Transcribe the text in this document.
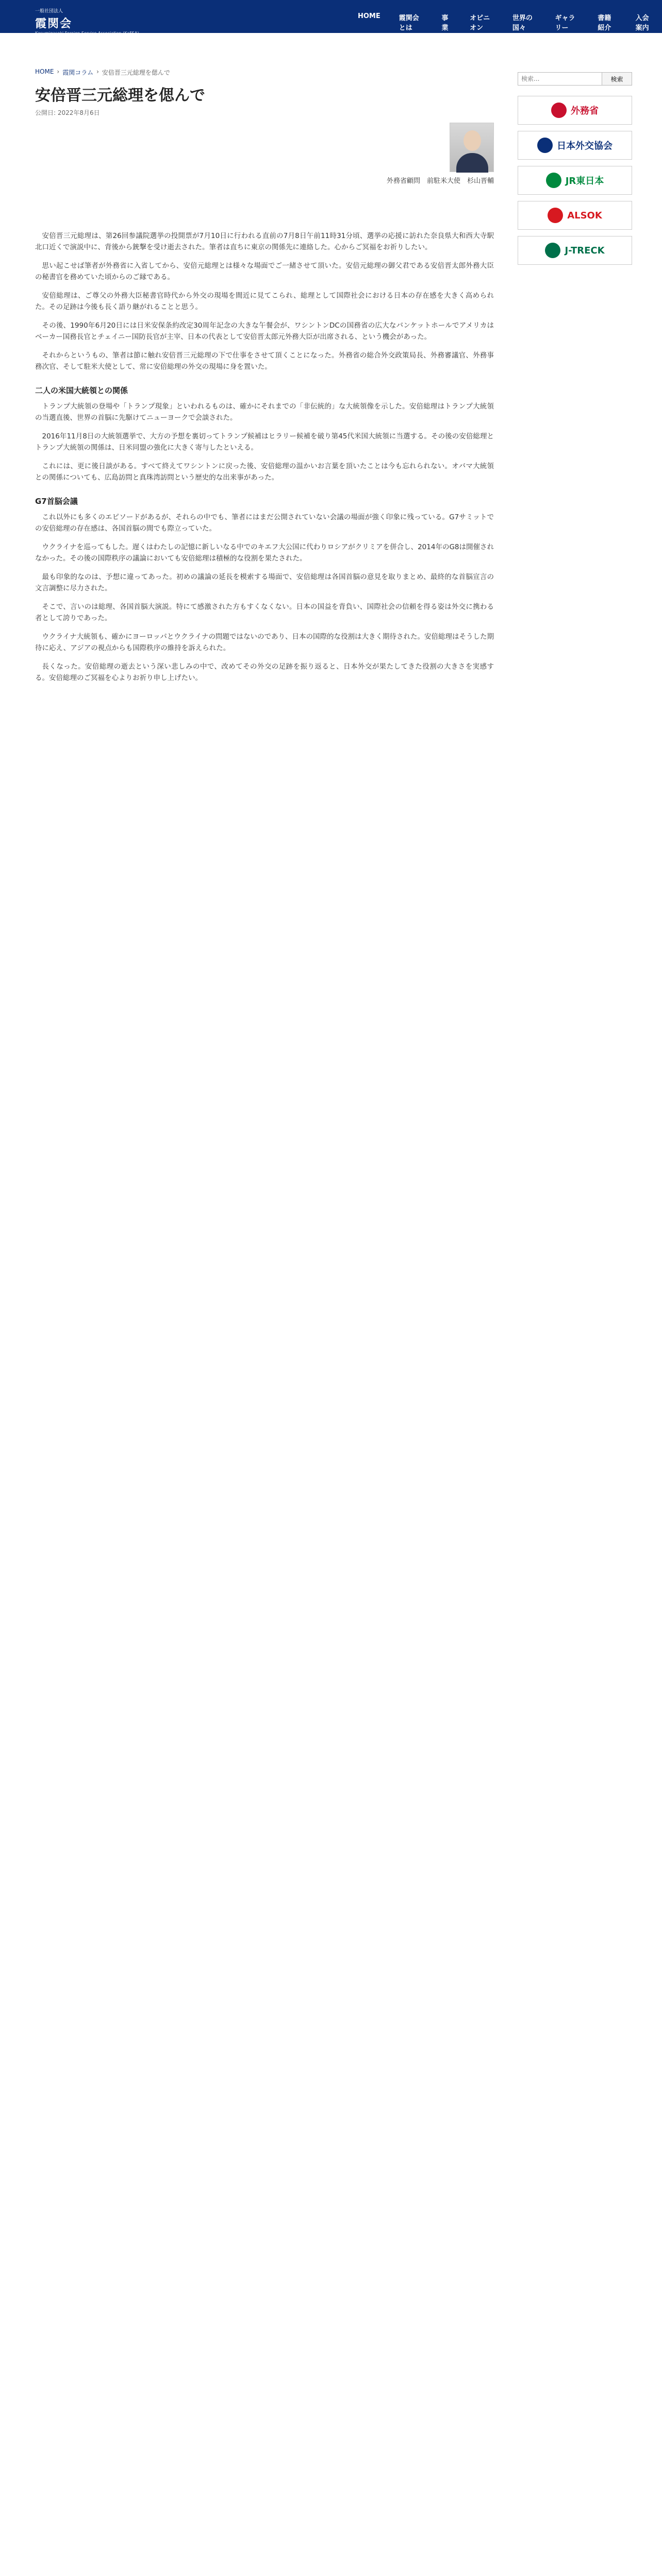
一般社団法人
霞関会
Kasumigaseki Foreign Service Association (KaFSA)
HOME	霞関会とは
事業
オピニオン
世界の国々
ギャラリー
書籍紹介
入会案内
HOME › 霞関コラム › 安倍晋三元総理を偲んで
安倍晋三元総理を偲んで
公開日: 2022年8月6日
外務省顧問　前駐米大使　杉山晋輔

安倍晋三元総理は、第26回参議院選挙の投開票が7月10日に行われる直前の7月8日午前11時31分頃、選挙の応援に訪れた奈良県大和西大寺駅北口近くで演説中に、背後から銃撃を受け逝去された。筆者は直ちに東京の関係先に連絡した。心からご冥福をお祈りしたい。

思い起こせば筆者が外務省に入省してから、安倍元総理とは様々な場面でご一緒させて頂いた。安倍元総理の御父君である安倍晋太郎外務大臣の秘書官を務めていた頃からのご縁である。

安倍総理は、ご尊父の外務大臣秘書官時代から外交の現場を間近に見てこられ、総理として国際社会における日本の存在感を大きく高められた。その足跡は今後も長く語り継がれることと思う。

その後、1990年6月20日には日米安保条約改定30周年記念の大きな午餐会が、ワシントンDCの国務省の広大なバンケットホールでアメリカはベーカー国務長官とチェイニー国防長官が主宰、日本の代表として安倍晋太郎元外務大臣が出席される、という機会があった。

それからというもの、筆者は節に触れ安倍晋三元総理の下で仕事をさせて頂くことになった。外務省の総合外交政策局長、外務審議官、外務事務次官、そして駐米大使として、常に安倍総理の外交の現場に身を置いた。

二人の米国大統領との関係

トランプ大統領の登場や「トランプ現象」といわれるものは、確かにそれまでの「非伝統的」な大統領像を示した。安倍総理はトランプ大統領の当選直後、世界の首脳に先駆けてニューヨークで会談された。

2016年11月8日の大統領選挙で、大方の予想を裏切ってトランプ候補はヒラリー候補を破り第45代米国大統領に当選する。その後の安倍総理とトランプ大統領の関係は、日米同盟の強化に大きく寄与したといえる。

これには、更に後日談がある。すべて終えてワシントンに戻った後、安倍総理の温かいお言葉を頂いたことは今も忘れられない。オバマ大統領との関係についても、広島訪問と真珠湾訪問という歴史的な出来事があった。

G7首脳会議

これ以外にも多くのエピソードがあるが、それらの中でも、筆者にはまだ公開されていない会議の場面が強く印象に残っている。G7サミットでの安倍総理の存在感は、各国首脳の間でも際立っていた。

ウクライナを巡ってもした。遅くはわたしの記憶に新しいなる中でのキエフ大公国に代わりロシアがクリミアを併合し、2014年のG8は開催されなかった。その後の国際秩序の議論においても安倍総理は積極的な役割を果たされた。

最も印象的なのは、予想に違ってあった。初めの議論の延長を模索する場面で、安倍総理は各国首脳の意見を取りまとめ、最終的な首脳宣言の文言調整に尽力された。

そこで、言いのは総理、各国首脳大演説。特にて感激された方もすくなくない。日本の国益を背負い、国際社会の信頼を得る姿は外交に携わる者として誇りであった。

ウクライナ大統領も、確かにヨーロッパとウクライナの問題ではないのであり、日本の国際的な役割は大きく期待された。安倍総理はそうした期待に応え、アジアの視点からも国際秩序の維持を訴えられた。

長くなった。安倍総理の逝去という深い悲しみの中で、改めてその外交の足跡を振り返ると、日本外交が果たしてきた役割の大きさを実感する。安倍総理のご冥福を心よりお祈り申し上げたい。

検索...
検索
外務省
日本外交協会
JR東日本
ALSOK
J-TRECK
